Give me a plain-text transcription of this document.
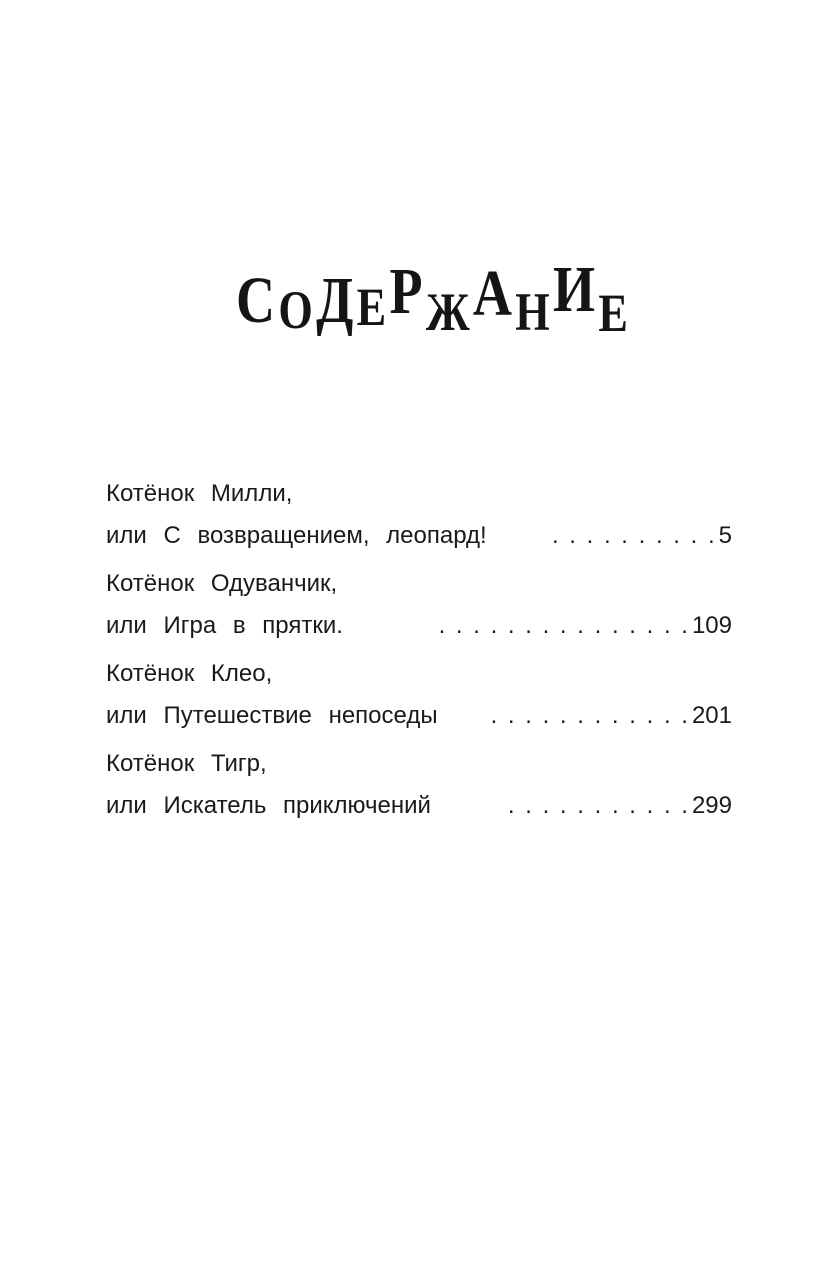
СОДЕРЖАНИЕ
Котёнок Милли,
или С возвращением, леопард!	. . . . . . . . . . 5
Котёнок Одуванчик,
или Игра в прятки.	. . . . . . . . . . . . . . . 109
Котёнок Клео,
или Путешествие непоседы	. . . . . . . . . . . . 201
Котёнок Тигр,
или Искатель приключений	. . . . . . . . . . . 299
